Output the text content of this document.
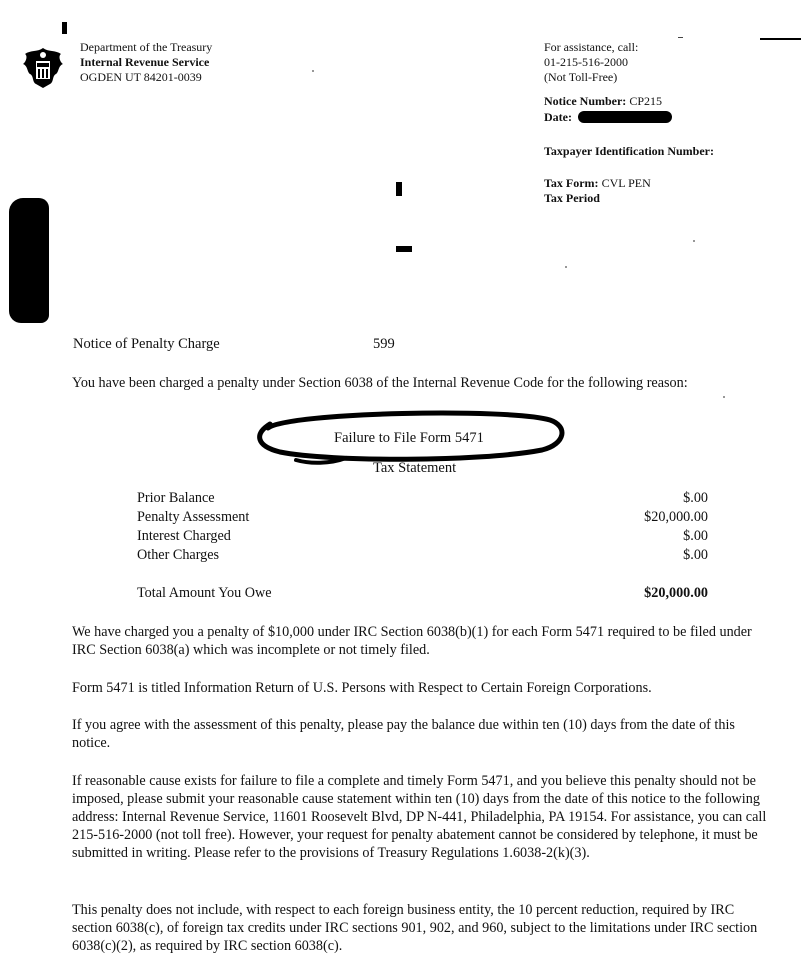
Department of the Treasury
Internal Revenue Service
OGDEN UT 84201-0039
For assistance, call:
01-215-516-2000
(Not Toll-Free)
Notice Number: CP215
Date:
Taxpayer Identification Number:
Tax Form: CVL PEN
Tax Period
Notice of Penalty Charge	599
You have been charged a penalty under Section 6038 of the Internal Revenue Code for the following reason:
Failure to File Form 5471
Tax Statement
Prior Balance	$.00
Penalty Assessment	$20,000.00
Interest Charged	$.00
Other Charges	$.00
Total Amount You Owe	$20,000.00
We have charged you a penalty of $10,000 under IRC Section 6038(b)(1) for each Form 5471 required to be filed under IRC Section 6038(a) which was incomplete or not timely filed.
Form 5471 is titled Information Return of U.S. Persons with Respect to Certain Foreign Corporations.
If you agree with the assessment of this penalty, please pay the balance due within ten (10) days from the date of this notice.
If reasonable cause exists for failure to file a complete and timely Form 5471, and you believe this penalty should not be imposed, please submit your reasonable cause statement within ten (10) days from the date of this notice to the following address: Internal Revenue Service, 11601 Roosevelt Blvd, DP N-441, Philadelphia, PA 19154. For assistance, you can call 215-516-2000 (not toll free). However, your request for penalty abatement cannot be considered by telephone, it must be submitted in writing. Please refer to the provisions of Treasury Regulations 1.6038-2(k)(3).
This penalty does not include, with respect to each foreign business entity, the 10 percent reduction, required by IRC section 6038(c), of foreign tax credits under IRC sections 901, 902, and 960, subject to the limitations under IRC section 6038(c)(2), as required by IRC section 6038(c).
